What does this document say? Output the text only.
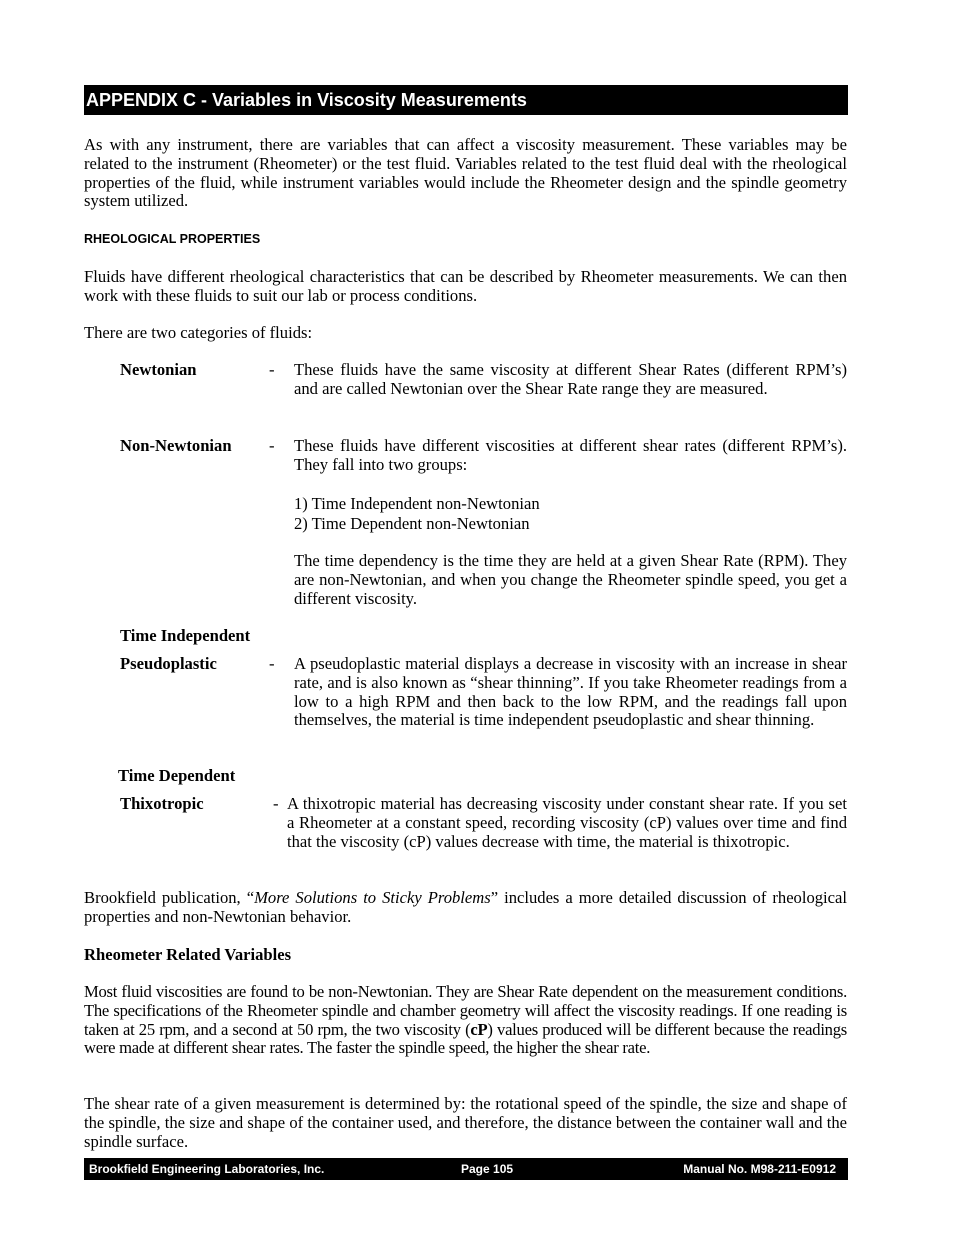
APPENDIX C - Variables in Viscosity Measurements
As with any instrument, there are variables that can affect a viscosity measurement. These variables may be related to the instrument (Rheometer) or the test fluid. Variables related to the test fluid deal with the rheological properties of the fluid, while instrument variables would include the Rheometer design and the spindle geometry system utilized.
RHEOLOGICAL PROPERTIES
Fluids have different rheological characteristics that can be described by Rheometer measurements. We can then work with these fluids to suit our lab or process conditions.
There are two categories of fluids:
Newtonian	- These fluids have the same viscosity at different Shear Rates (different RPM’s) and are called Newtonian over the Shear Rate range they are measured.
Non-Newtonian - These fluids have different viscosities at different shear rates (different RPM’s). They fall into two groups:
1) Time Independent non-Newtonian
2) Time Dependent non-Newtonian
The time dependency is the time they are held at a given Shear Rate (RPM). They are non-Newtonian, and when you change the Rheometer spindle speed, you get a different viscosity.
Time Independent
Pseudoplastic	- A pseudoplastic material displays a decrease in viscosity with an increase in shear rate, and is also known as “shear thinning”. If you take Rheometer readings from a low to a high RPM and then back to the low RPM, and the readings fall upon themselves, the material is time independent pseudoplastic and shear thinning.
Time Dependent
Thixotropic	- A thixotropic material has decreasing viscosity under constant shear rate. If you set a Rheometer at a constant speed, recording viscosity (cP) values over time and find that the viscosity (cP) values decrease with time, the material is thixotropic.
Brookfield publication, “More Solutions to Sticky Problems” includes a more detailed discussion of rheological properties and non-Newtonian behavior.
Rheometer Related Variables
Most fluid viscosities are found to be non-Newtonian. They are Shear Rate dependent on the measurement conditions. The specifications of the Rheometer spindle and chamber geometry will affect the viscosity readings. If one reading is taken at 25 rpm, and a second at 50 rpm, the two viscosity (cP) values produced will be different because the readings were made at different shear rates. The faster the spindle speed, the higher the shear rate.
The shear rate of a given measurement is determined by: the rotational speed of the spindle, the size and shape of the spindle, the size and shape of the container used, and therefore, the distance between the container wall and the spindle surface.
Brookfield Engineering Laboratories, Inc.	Page 105	Manual No. M98-211-E0912
